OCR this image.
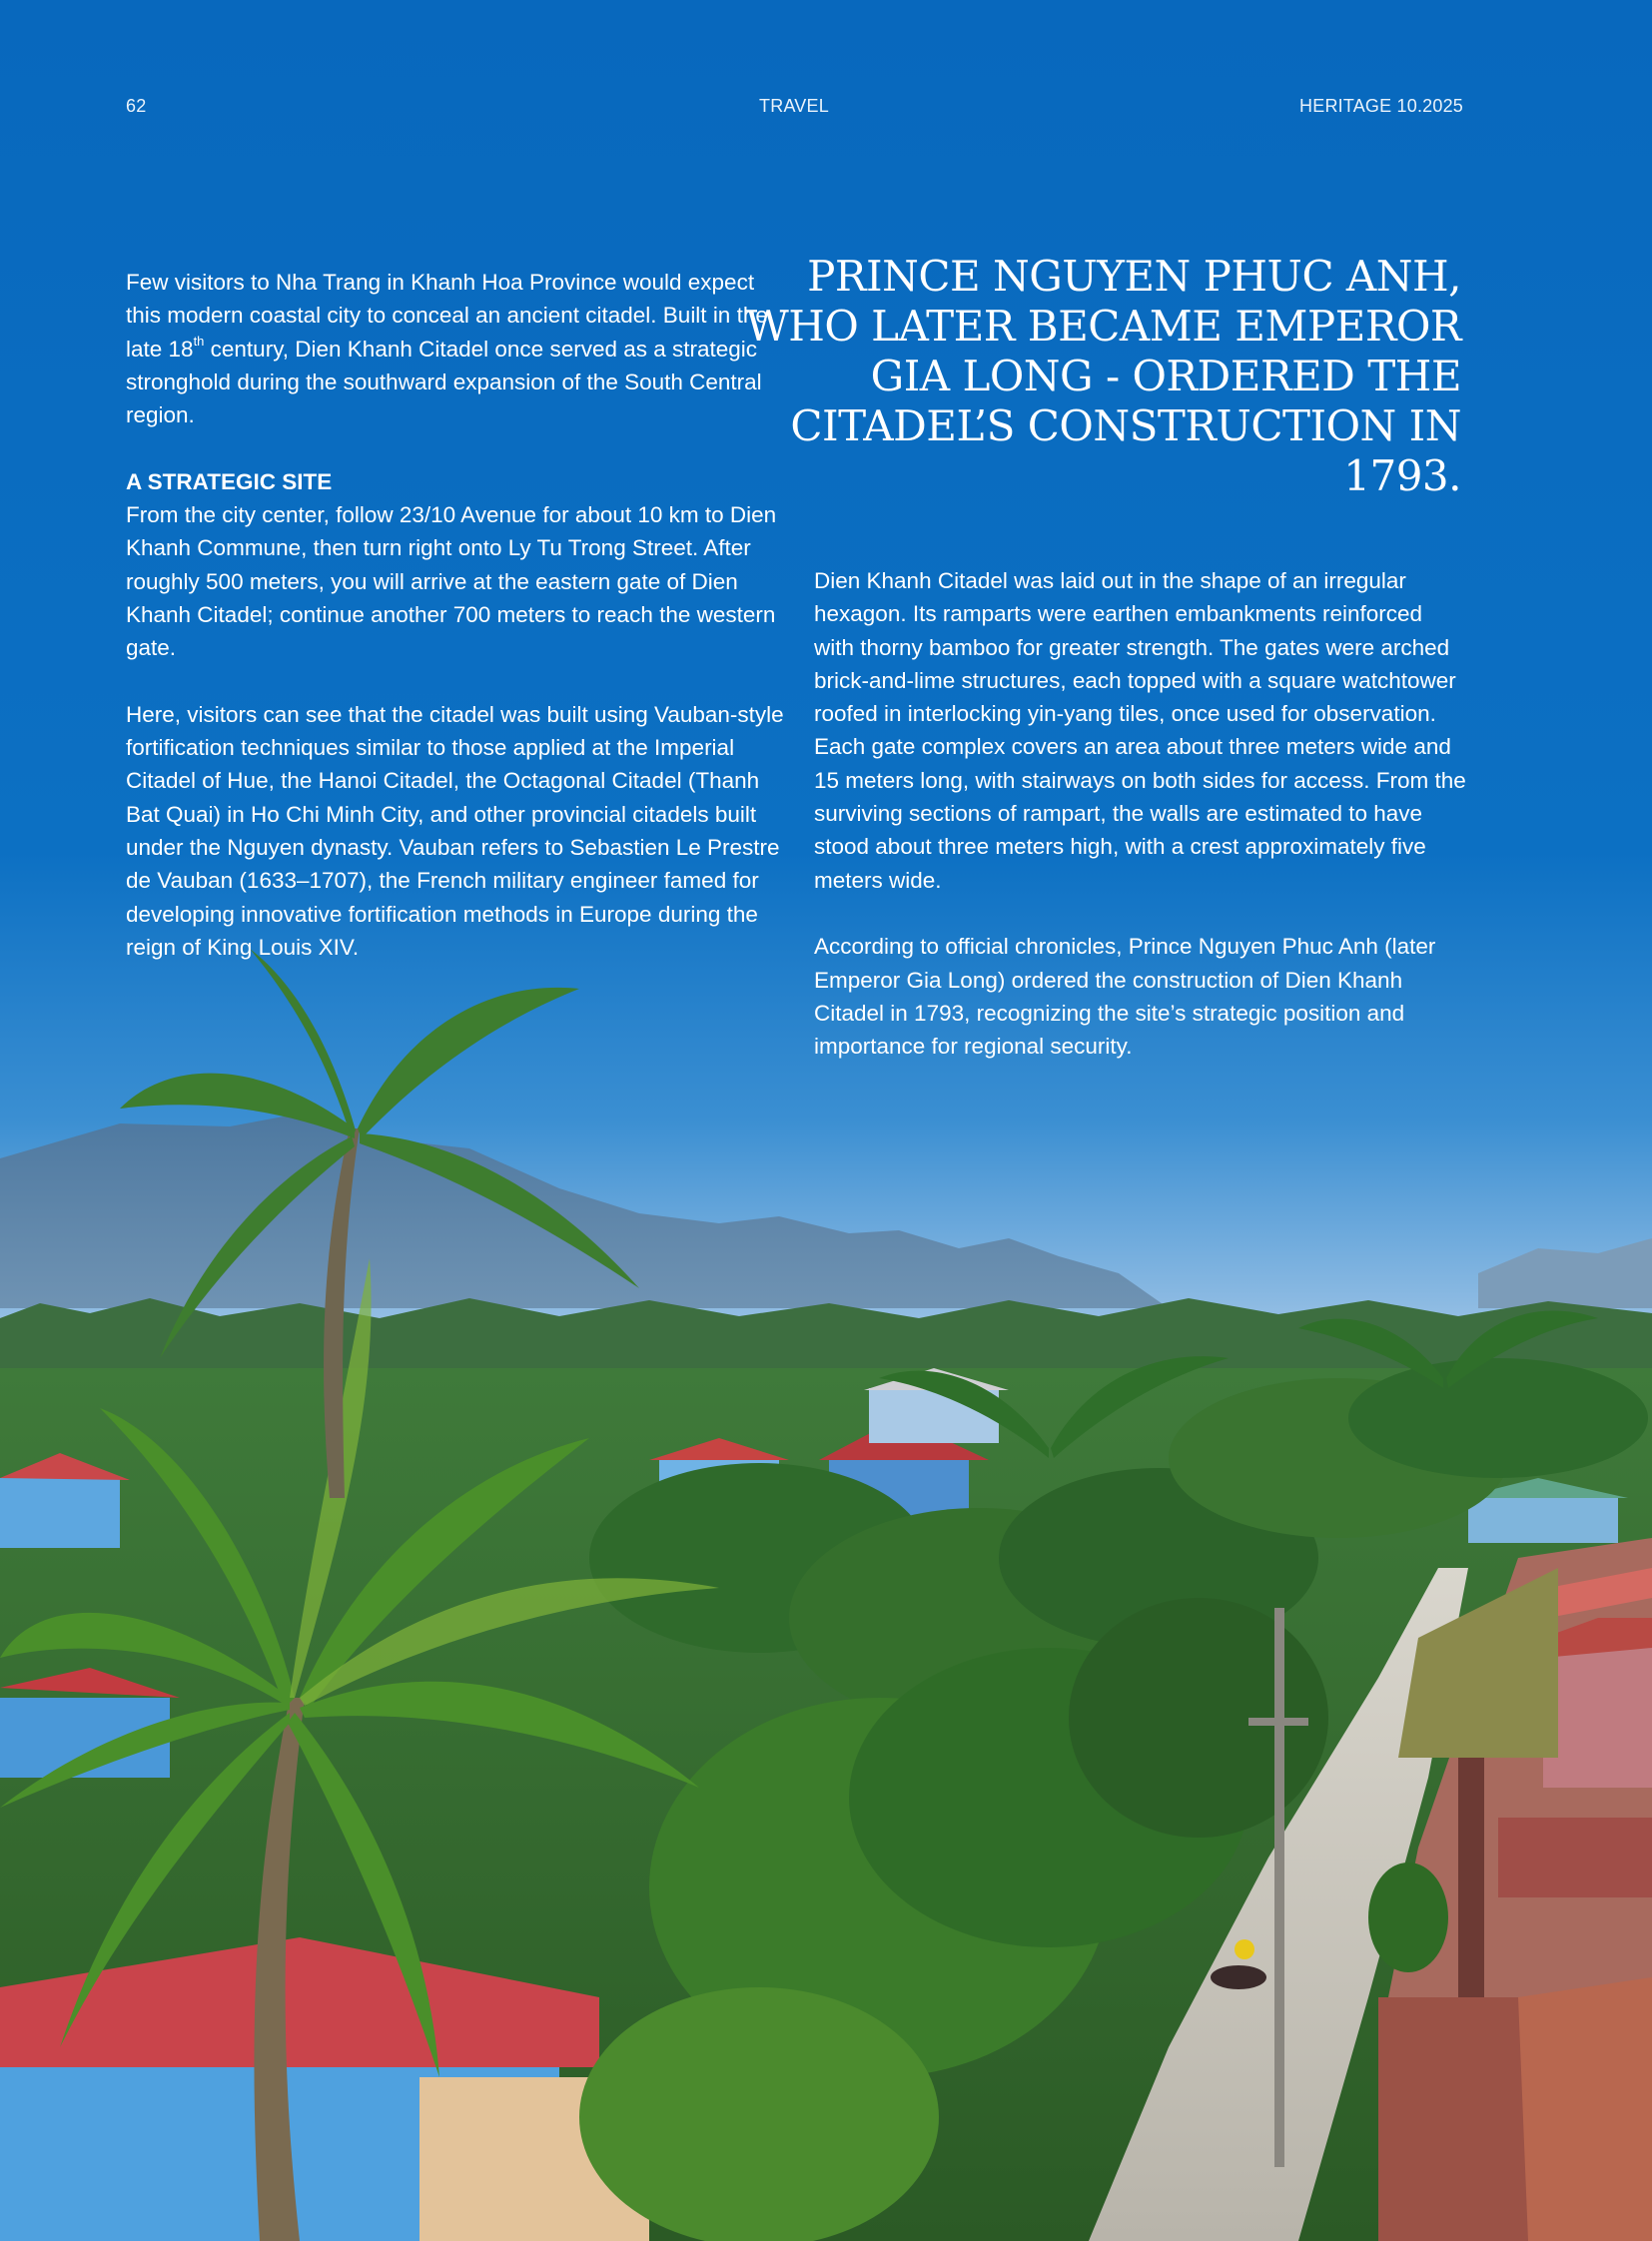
62	TRAVEL	HERITAGE 10.2025

Few visitors to Nha Trang in Khanh Hoa Province would expect this modern coastal city to conceal an ancient citadel. Built in the late 18th century, Dien Khanh Citadel once served as a strategic stronghold during the southward expansion of the South Central region.

A STRATEGIC SITE

From the city center, follow 23/10 Avenue for about 10 km to Dien Khanh Commune, then turn right onto Ly Tu Trong Street. After roughly 500 meters, you will arrive at the eastern gate of Dien Khanh Citadel; continue another 700 meters to reach the western gate.

Here, visitors can see that the citadel was built using Vauban-style fortification techniques similar to those applied at the Imperial Citadel of Hue, the Hanoi Citadel, the Octagonal Citadel (Thanh Bat Quai) in Ho Chi Minh City, and other provincial citadels built under the Nguyen dynasty. Vauban refers to Sebastien Le Prestre de Vauban (1633–1707), the French military engineer famed for developing innovative fortification methods in Europe during the reign of King Louis XIV.

PRINCE NGUYEN PHUC ANH, WHO LATER BECAME EMPEROR GIA LONG - ORDERED THE CITADEL’S CONSTRUCTION IN 1793.

Dien Khanh Citadel was laid out in the shape of an irregular hexagon. Its ramparts were earthen embankments reinforced with thorny bamboo for greater strength. The gates were arched brick-and-lime structures, each topped with a square watchtower roofed in interlocking yin-yang tiles, once used for observation. Each gate complex covers an area about three meters wide and 15 meters long, with stairways on both sides for access. From the surviving sections of rampart, the walls are estimated to have stood about three meters high, with a crest approximately five meters wide.

According to official chronicles, Prince Nguyen Phuc Anh (later Emperor Gia Long) ordered the construction of Dien Khanh Citadel in 1793, recognizing the site’s strategic position and importance for regional security.
